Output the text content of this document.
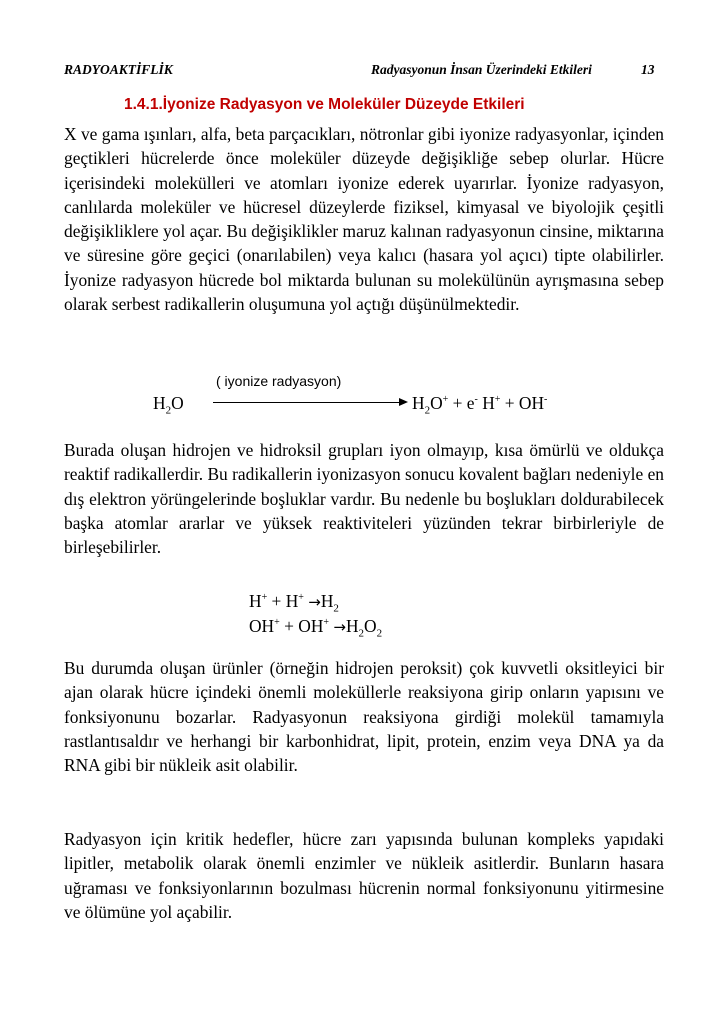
RADYOAKTİFLİK	Radyasyonun İnsan Üzerindeki Etkileri	13
1.4.1.İyonize Radyasyon ve Moleküler Düzeyde Etkileri

X ve gama ışınları, alfa, beta parçacıkları, nötronlar gibi iyonize radyasyonlar, içinden geçtikleri hücrelerde önce moleküler düzeyde değişikliğe sebep olurlar. Hücre içerisindeki molekülleri ve atomları iyonize ederek uyarırlar. İyonize radyasyon, canlılarda moleküler ve hücresel düzeylerde fiziksel, kimyasal ve biyolojik çeşitli değişikliklere yol açar. Bu değişiklikler maruz kalınan radyasyonun cinsine, miktarına ve süresine göre geçici (onarılabilen) veya kalıcı (hasara yol açıcı) tipte olabilirler. İyonize radyasyon hücrede bol miktarda bulunan su molekülünün ayrışmasına sebep olarak serbest radikallerin oluşumuna yol açtığı düşünülmektedir.

( iyonize radyasyon)
$H_2O$	$H_2O^+ + e^-$ H+ + OH-

Burada oluşan hidrojen ve hidroksil grupları iyon olmayıp, kısa ömürlü ve oldukça reaktif radikallerdir. Bu radikallerin iyonizasyon sonucu kovalent bağları nedeniyle en dış elektron yörüngelerinde boşluklar vardır. Bu nedenle bu boşlukları doldurabilecek başka atomlar ararlar ve yüksek reaktiviteleri yüzünden tekrar birbirleriyle de birleşebilirler.

$H^+ + H^+ \to H_2$
$OH^+ + OH^+ \to H_2O_2$

Bu durumda oluşan ürünler (örneğin hidrojen peroksit) çok kuvvetli oksitleyici bir ajan olarak hücre içindeki önemli moleküllerle reaksiyona girip onların yapısını ve fonksiyonunu bozarlar. Radyasyonun reaksiyona girdiği molekül tamamıyla rastlantısaldır ve herhangi bir karbonhidrat, lipit, protein, enzim veya DNA ya da RNA gibi bir nükleik asit olabilir.

Radyasyon için kritik hedefler, hücre zarı yapısında bulunan kompleks yapıdaki lipitler, metabolik olarak önemli enzimler ve nükleik asitlerdir. Bunların hasara uğraması ve fonksiyonlarının bozulması hücrenin normal fonksiyonunu yitirmesine ve ölümüne yol açabilir.
